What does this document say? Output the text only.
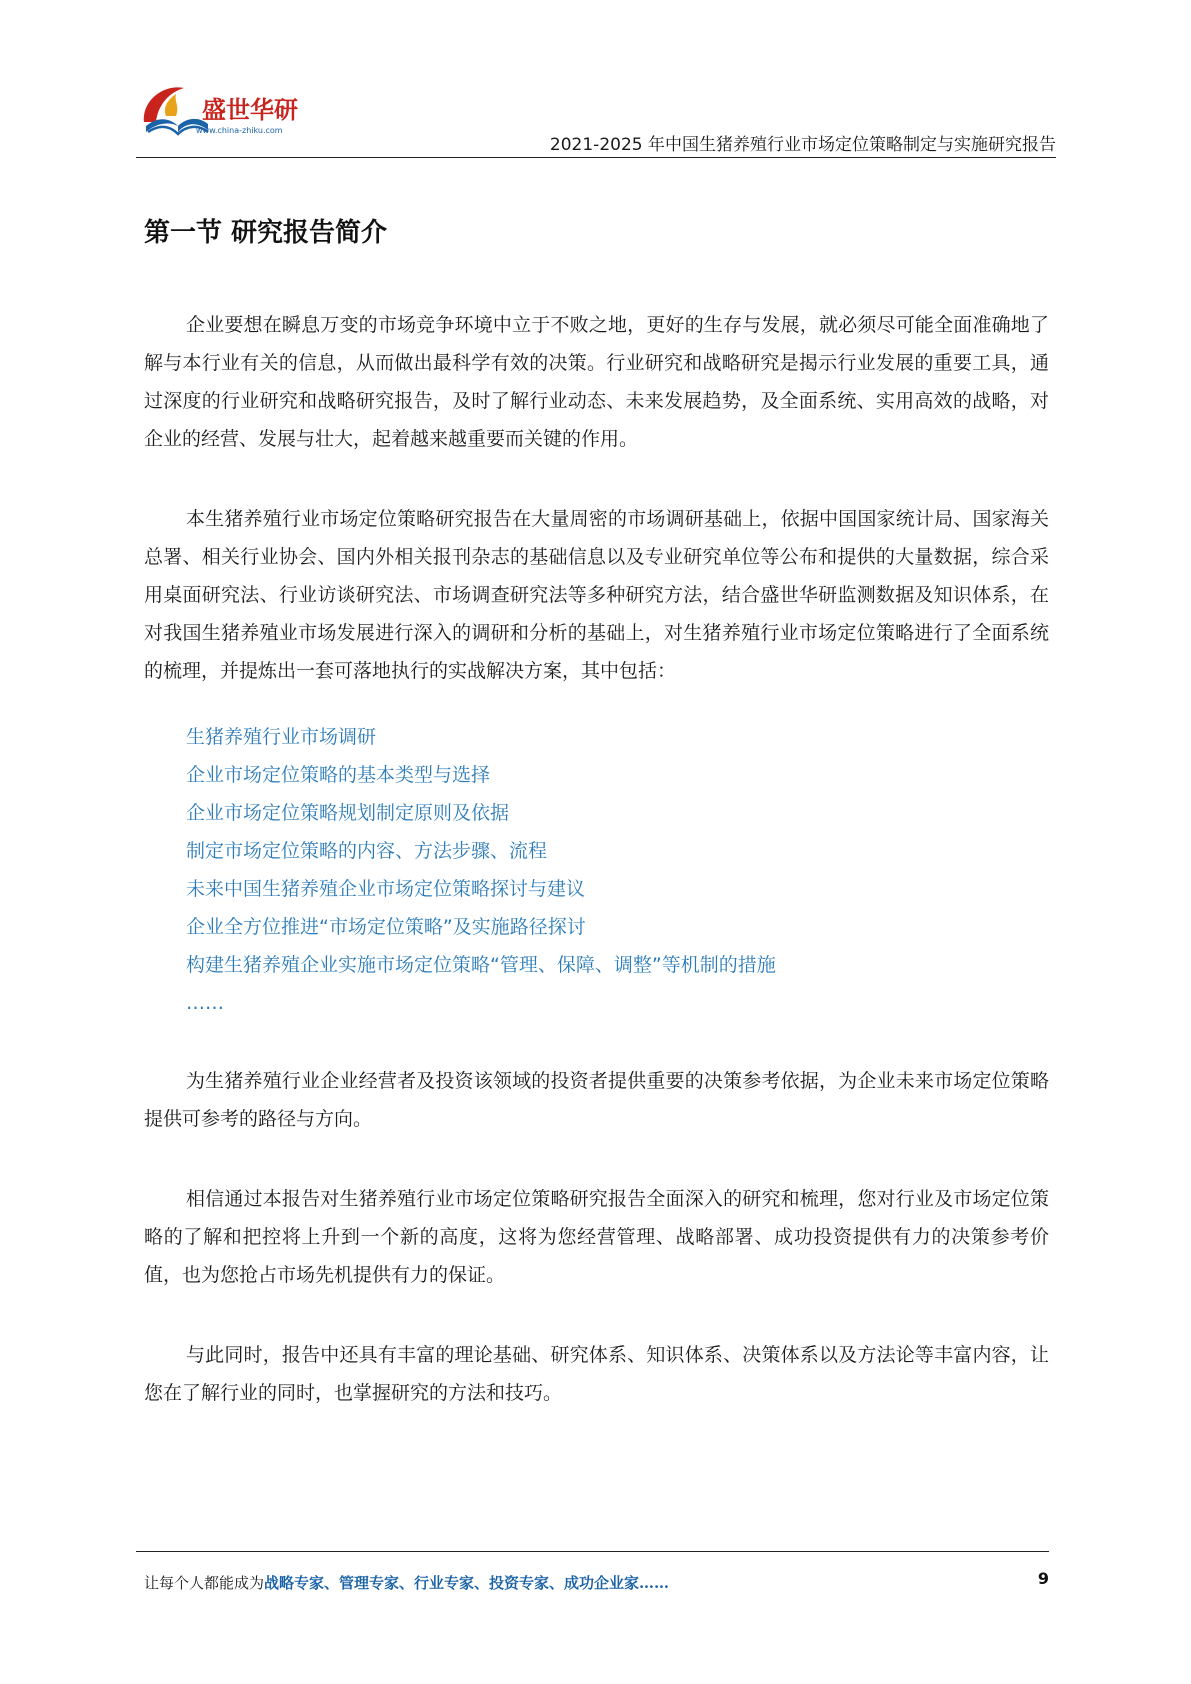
盛世华研
www.china-zhiku.com
2021-2025 年中国生猪养殖行业市场定位策略制定与实施研究报告
第一节 研究报告简介

企业要想在瞬息万变的市场竞争环境中立于不败之地，更好的生存与发展，就必须尽可能全面准确地了解与本行业有关的信息，从而做出最科学有效的决策。行业研究和战略研究是揭示行业发展的重要工具，通过深度的行业研究和战略研究报告，及时了解行业动态、未来发展趋势，及全面系统、实用高效的战略，对企业的经营、发展与壮大，起着越来越重要而关键的作用。

本生猪养殖行业市场定位策略研究报告在大量周密的市场调研基础上，依据中国国家统计局、国家海关总署、相关行业协会、国内外相关报刊杂志的基础信息以及专业研究单位等公布和提供的大量数据，综合采用桌面研究法、行业访谈研究法、市场调查研究法等多种研究方法，结合盛世华研监测数据及知识体系，在对我国生猪养殖业市场发展进行深入的调研和分析的基础上，对生猪养殖行业市场定位策略进行了全面系统的梳理，并提炼出一套可落地执行的实战解决方案，其中包括：

生猪养殖行业市场调研
企业市场定位策略的基本类型与选择
企业市场定位策略规划制定原则及依据
制定市场定位策略的内容、方法步骤、流程
未来中国生猪养殖企业市场定位策略探讨与建议
企业全方位推进“市场定位策略”及实施路径探讨
构建生猪养殖企业实施市场定位策略“管理、保障、调整”等机制的措施
……

为生猪养殖行业企业经营者及投资该领域的投资者提供重要的决策参考依据，为企业未来市场定位策略提供可参考的路径与方向。

相信通过本报告对生猪养殖行业市场定位策略研究报告全面深入的研究和梳理，您对行业及市场定位策略的了解和把控将上升到一个新的高度，这将为您经营管理、战略部署、成功投资提供有力的决策参考价值，也为您抢占市场先机提供有力的保证。

与此同时，报告中还具有丰富的理论基础、研究体系、知识体系、决策体系以及方法论等丰富内容，让您在了解行业的同时，也掌握研究的方法和技巧。

让每个人都能成为战略专家、管理专家、行业专家、投资专家、成功企业家……	9
